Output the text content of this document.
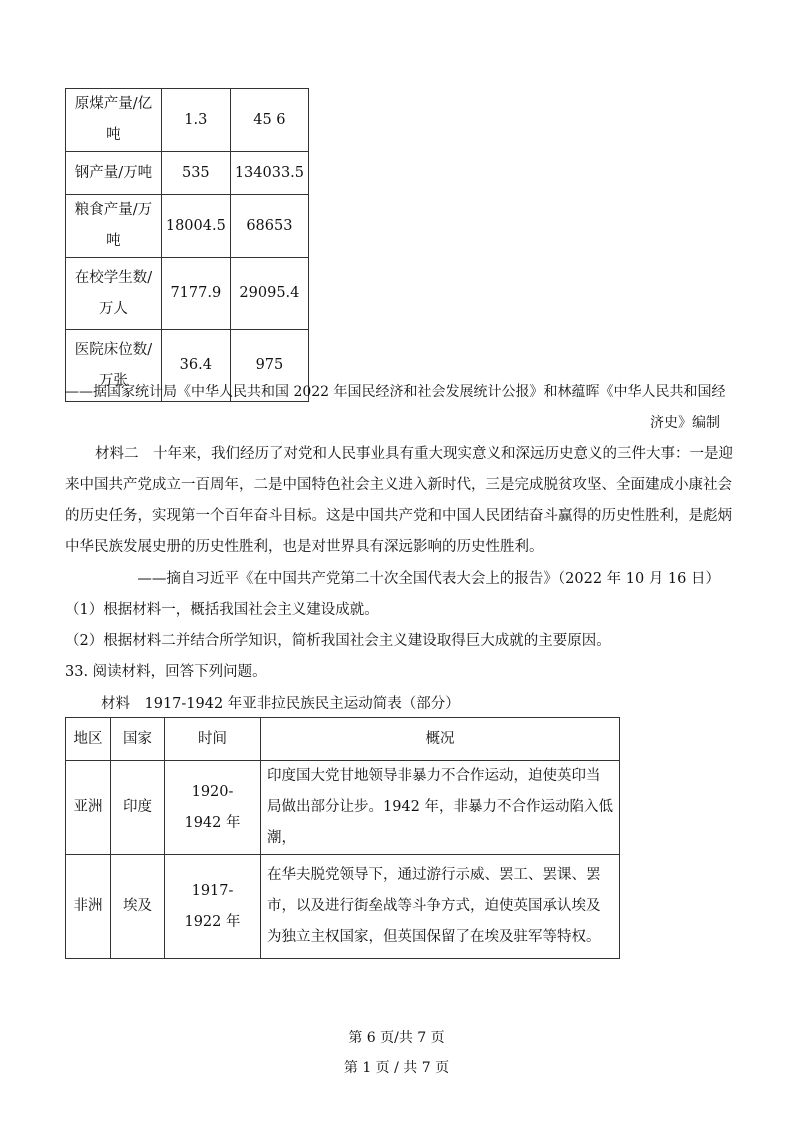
原煤产量/亿吨	1.3	45 6
钢产量/万吨	535	134033.5
粮食产量/万吨	18004.5	68653
在校学生数/万人	7177.9	29095.4
医院床位数/万张	36.4	975
——据国家统计局《中华人民共和国 2022 年国民经济和社会发展统计公报》和林蕴晖《中华人民共和国经
济史》编制
材料二　十年来，我们经历了对党和人民事业具有重大现实意义和深远历史意义的三件大事：一是迎
来中国共产党成立一百周年，二是中国特色社会主义进入新时代，三是完成脱贫攻坚、全面建成小康社会
的历史任务，实现第一个百年奋斗目标。这是中国共产党和中国人民团结奋斗赢得的历史性胜利，是彪炳
中华民族发展史册的历史性胜利，也是对世界具有深远影响的历史性胜利。
——摘自习近平《在中国共产党第二十次全国代表大会上的报告》（2022 年 10 月 16 日）
（1）根据材料一，概括我国社会主义建设成就。
（2）根据材料二并结合所学知识，简析我国社会主义建设取得巨大成就的主要原因。
33. 阅读材料，回答下列问题。
材料　1917-1942 年亚非拉民族民主运动简表（部分）
地区	国家	时间	概况
亚洲	印度	1920-1942 年	印度国大党甘地领导非暴力不合作运动，迫使英印当局做出部分让步。1942 年，非暴力不合作运动陷入低潮，
非洲	埃及	1917-1922 年	在华夫脱党领导下，通过游行示威、罢工、罢课、罢市，以及进行街垒战等斗争方式，迫使英国承认埃及为独立主权国家，但英国保留了在埃及驻军等特权。
第 6 页/共 7 页
第 1 页 / 共 7 页
